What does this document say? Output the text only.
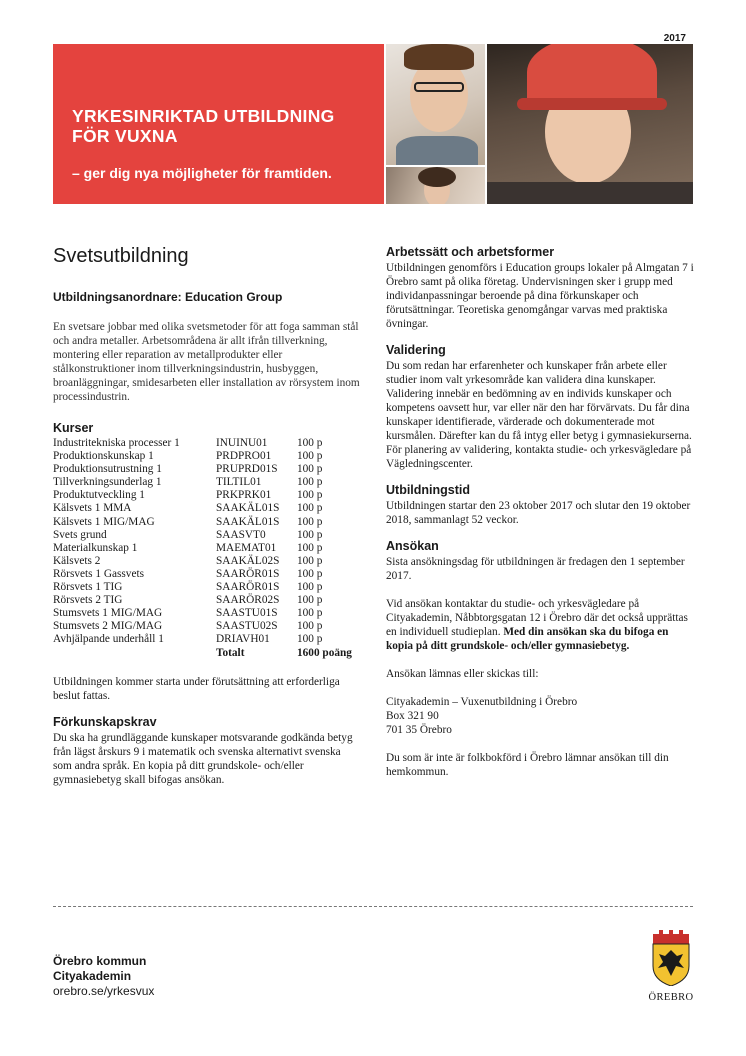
2017
YRKESINRIKTAD UTBILDNING
FÖR VUXNA
– ger dig nya möjligheter för framtiden.
Svetsutbildning
Utbildningsanordnare: Education Group

En svetsare jobbar med olika svetsmetoder för att foga samman stål och andra metaller. Arbetsområdena är allt ifrån tillverkning, montering eller reparation av metallprodukter eller stålkonstruktioner inom tillverkningsindustrin, husbyggen, broanläggningar, smidesarbeten eller installation av rörsystem inom processindustrin.

Kurser
Industritekniska processer 1	INUINU01	100 p
Produktionskunskap 1	PRDPRO01	100 p
Produktionsutrustning 1	PRUPRD01S	100 p
Tillverkningsunderlag 1	TILTIL01	100 p
Produktutveckling 1	PRKPRK01	100 p
Kälsvets 1 MMA	SAAKÄL01S	100 p
Kälsvets 1 MIG/MAG	SAAKÄL01S	100 p
Svets grund	SAASVT0	100 p
Materialkunskap 1	MAEMAT01	100 p
Kälsvets 2	SAAKÄL02S	100 p
Rörsvets 1 Gassvets	SAARÖR01S	100 p
Rörsvets 1 TIG	SAARÖR01S	100 p
Rörsvets 2 TIG	SAARÖR02S	100 p
Stumsvets 1 MIG/MAG	SAASTU01S	100 p
Stumsvets 2 MIG/MAG	SAASTU02S	100 p
Avhjälpande underhåll 1	DRIAVH01	100 p
	Totalt	1600 poäng

Utbildningen kommer starta under förutsättning att erforderliga beslut fattas.

Förkunskapskrav

Du ska ha grundläggande kunskaper motsvarande godkända betyg från lägst årskurs 9 i matematik och svenska alternativt svenska som andra språk. En kopia på ditt grundskole- och/eller gymnasiebetyg skall bifogas ansökan.

Arbetssätt och arbetsformer

Utbildningen genomförs i Education groups lokaler på Almgatan 7 i Örebro samt på olika företag. Undervisningen sker i grupp med individanpassningar beroende på dina förkunskaper och förutsättningar. Teoretiska genomgångar varvas med praktiska övningar.

Validering

Du som redan har erfarenheter och kunskaper från arbete eller studier inom valt yrkesområde kan validera dina kunskaper. Validering innebär en bedömning av en individs kunskaper och kompetens oavsett hur, var eller när den har förvärvats. Du får dina kunskaper identifierade, värderade och dokumenterade mot kursmålen. Därefter kan du få intyg eller betyg i gymnasiekurserna. För planering av validering, kontakta studie- och yrkesvägledare på Vägledningscenter.

Utbildningstid

Utbildningen startar den 23 oktober 2017 och slutar den 19 oktober 2018, sammanlagt 52 veckor.

Ansökan

Sista ansökningsdag för utbildningen är fredagen den 1 september 2017.

Vid ansökan kontaktar du studie- och yrkesvägledare på Cityakademin, Nåbbtorgsgatan 12 i Örebro där det också upprättas en individuell studieplan. Med din ansökan ska du bifoga en kopia på ditt grundskole- och/eller gymnasiebetyg.

Ansökan lämnas eller skickas till:

Cityakademin – Vuxenutbildning i Örebro

Box 321 90

701 35 Örebro

Du som är inte är folkbokförd i Örebro lämnar ansökan till din hemkommun.

Örebro kommun
Cityakademin
orebro.se/yrkesvux	ÖREBRO
